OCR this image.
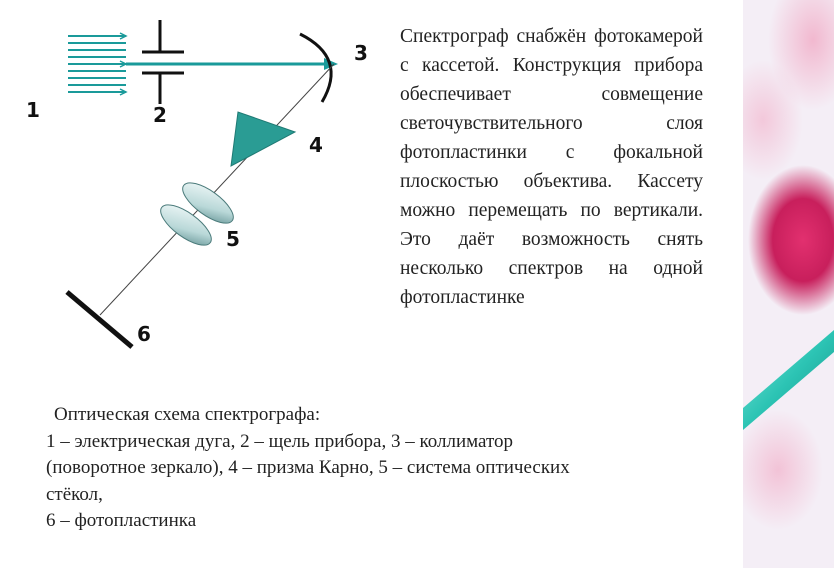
1	2
3
4
5
6

Спектрограф снабжён фотокамерой с кассетой. Конструкция прибора обеспечивает совмещение светочувствительного слоя фотопластинки с фокальной плоскостью объектива. Кассету можно перемещать по вертикали. Это даёт возможность снять несколько спектров на одной фотопластинке

Оптическая схема спектрографа:
1 – электрическая дуга, 2 – щель прибора, 3 – коллиматор
(поворотное зеркало), 4 – призма Карно, 5 – система оптических
стёкол,
6 – фотопластинка
